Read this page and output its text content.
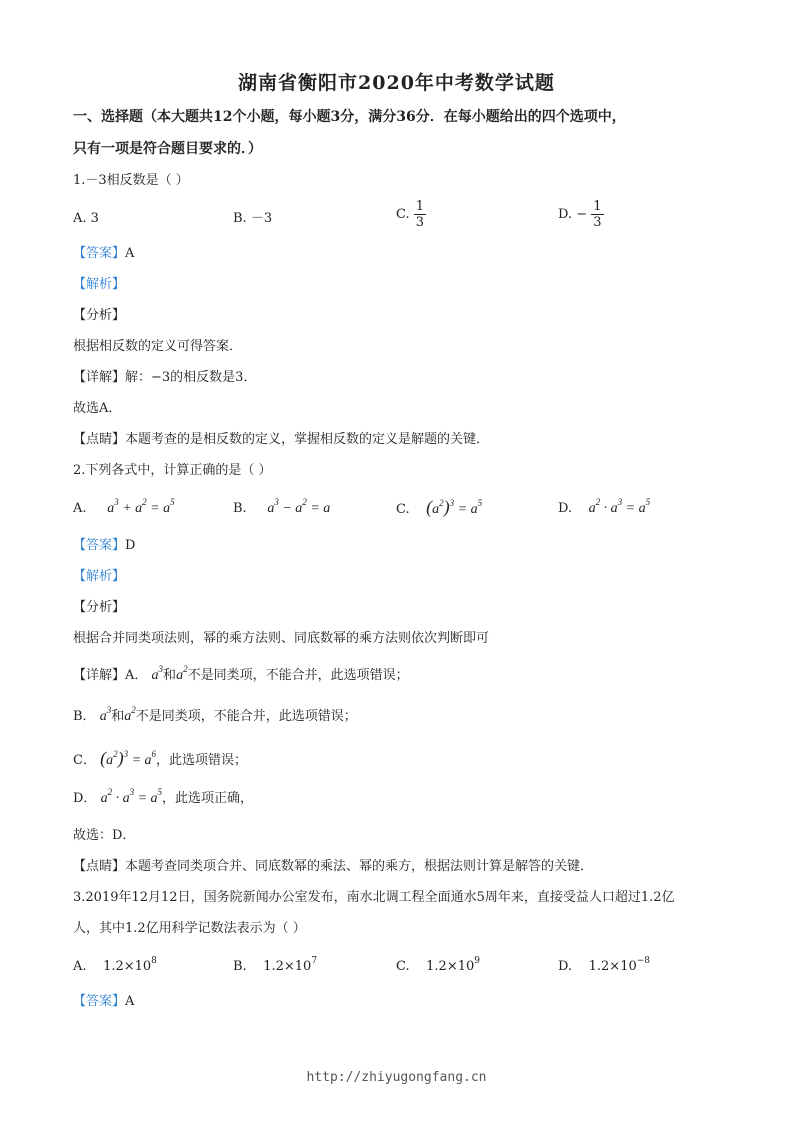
湖南省衡阳市2020年中考数学试题
一、选择题（本大题共12个小题，每小题3分，满分36分．在每小题给出的四个选项中，
只有一项是符合题目要求的．）
1.－3相反数是（ ）
A. 3	B. －3	C. $\frac{1}{3}$	D. − $\frac{1}{3}$
【答案】A
【解析】
【分析】
根据相反数的定义可得答案．
【详解】解：−3的相反数是3．
故选A．
【点睛】本题考查的是相反数的定义，掌握相反数的定义是解题的关键．
2.下列各式中，计算正确的是（ ）
A. $a^3 + a^2 = a^5$	B. $a^3 - a^2 = a$	C. $(a^2)^3 = a^5$	D. $a^2 \cdot a^3 = a^5$
【答案】D
【解析】
【分析】
根据合并同类项法则，幂的乘方法则、同底数幂的乘方法则依次判断即可
【详解】A． $a^3$和$a^2$不是同类项，不能合并，此选项错误；
B． $a^3$和$a^2$不是同类项，不能合并，此选项错误；
C． $(a^2)^3 = a^6$，此选项错误；
D． $a^2 \cdot a^3 = a^5$，此选项正确，
故选：D．
【点睛】本题考查同类项合并、同底数幂的乘法、幂的乘方，根据法则计算是解答的关键．
3.2019年12月12日，国务院新闻办公室发布，南水北调工程全面通水5周年来，直接受益人口超过1.2亿
人，其中1.2亿用科学记数法表示为（ ）
A. $1.2\times 10^8$	B. $1.2\times 10^7$	C. $1.2\times 10^9$	D. $1.2\times 10^{-8}$
【答案】A
http://zhiyugongfang.cn
